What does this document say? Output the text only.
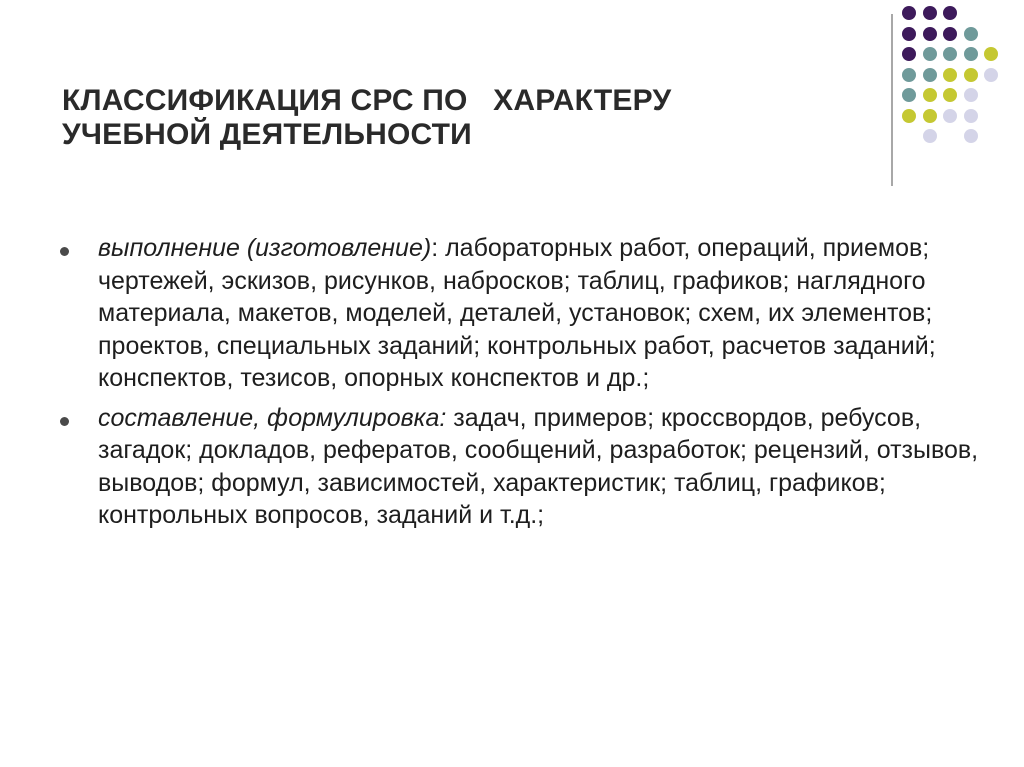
КЛАССИФИКАЦИЯ СРС ПО   ХАРАКТЕРУ
УЧЕБНОЙ ДЕЯТЕЛЬНОСТИ
выполнение (изготовление): лабораторных работ, операций, приемов; чертежей, эскизов, рисунков, набросков; таблиц, графиков; наглядного материала, макетов, моделей, деталей, установок; схем, их элементов; проектов, специальных заданий; контрольных работ, расчетов заданий; конспектов, тезисов, опорных конспектов и др.;
составление, формулировка: задач, примеров; кроссвордов, ребусов, загадок; докладов, рефератов, сообщений, разработок; рецензий, отзывов, выводов; формул, зависимостей, характеристик; таблиц, графиков; контрольных вопросов, заданий и т.д.;
